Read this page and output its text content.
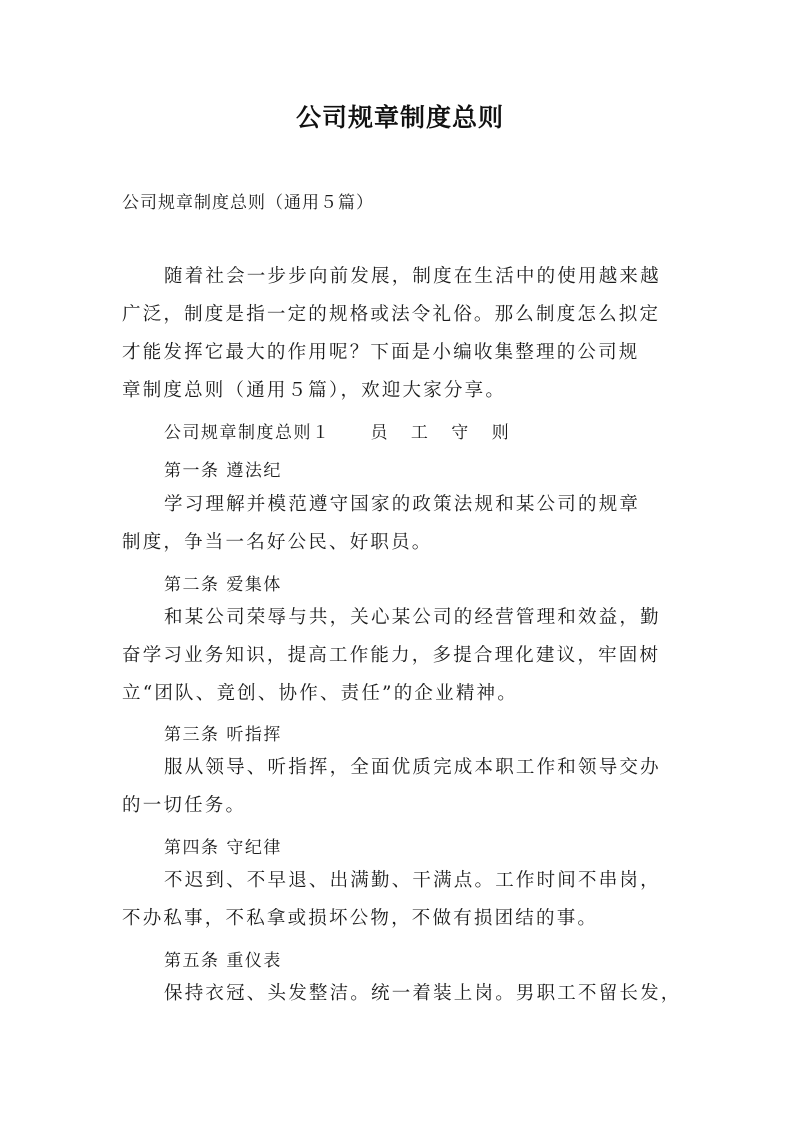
公司规章制度总则
公司规章制度总则（通用５篇）
随着社会一步步向前发展，制度在生活中的使用越来越
广泛，制度是指一定的规格或法令礼俗。那么制度怎么拟定
才能发挥它最大的作用呢？下面是小编收集整理的公司规
章制度总则（通用５篇），欢迎大家分享。
公司规章制度总则１ 员 工 守 则
第一条 遵法纪
学习理解并模范遵守国家的政策法规和某公司的规章
制度，争当一名好公民、好职员。
第二条 爱集体
和某公司荣辱与共，关心某公司的经营管理和效益，勤
奋学习业务知识，提高工作能力，多提合理化建议，牢固树
立“团队、竟创、协作、责任”的企业精神。
第三条 听指挥
服从领导、听指挥，全面优质完成本职工作和领导交办
的一切任务。
第四条 守纪律
不迟到、不早退、出满勤、干满点。工作时间不串岗，
不办私事，不私拿或损坏公物，不做有损团结的事。
第五条 重仪表
保持衣冠、头发整洁。统一着装上岗。男职工不留长发，
